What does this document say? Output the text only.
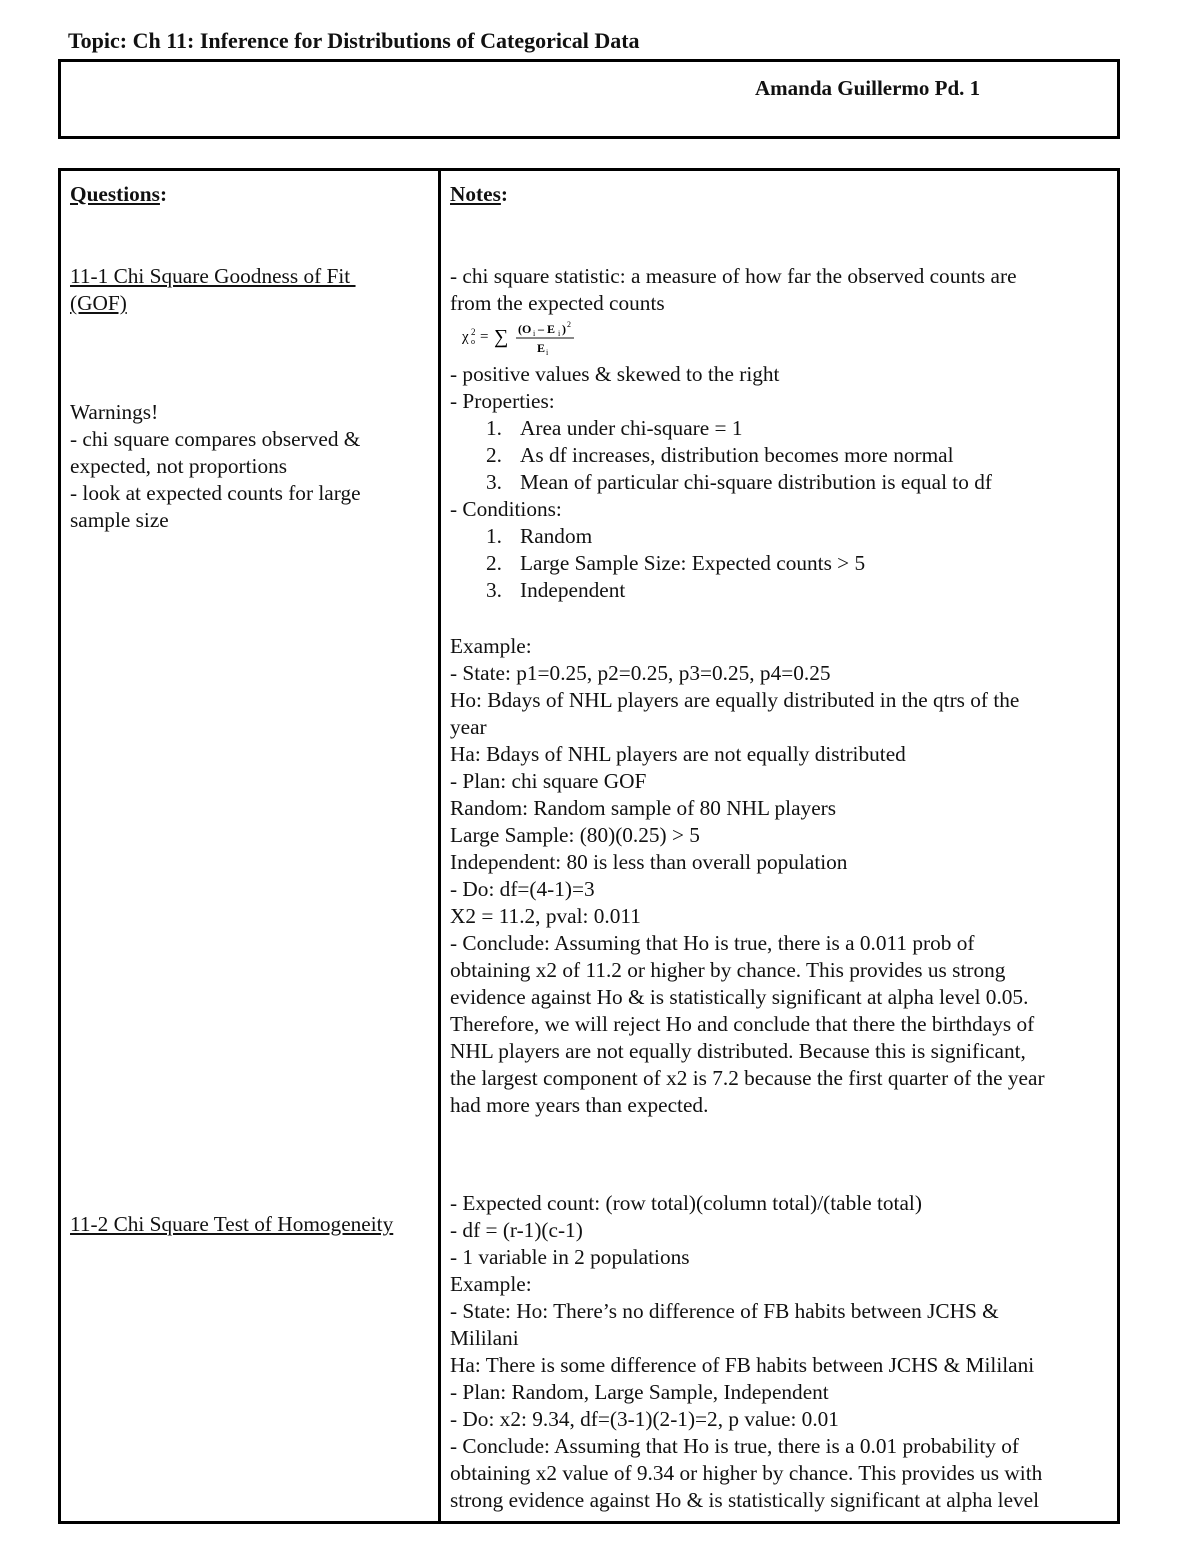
Topic: Ch 11: Inference for Distributions of Categorical Data
Amanda Guillermo Pd. 1
Questions:
11-1 Chi Square Goodness of Fit
(GOF)
Warnings!
- chi square compares observed &
expected, not proportions
- look at expected counts for large
sample size
11-2 Chi Square Test of Homogeneity
Notes:
- chi square statistic: a measure of how far the observed counts are
from the expected counts
χ 2
o = ∑ (O i – E i ) 2
E i
- positive values & skewed to the right
- Properties:
1. Area under chi-square = 1
2. As df increases, distribution becomes more normal
3. Mean of particular chi-square distribution is equal to df
- Conditions:
1. Random
2. Large Sample Size: Expected counts > 5
3. Independent
Example:
- State: p1=0.25, p2=0.25, p3=0.25, p4=0.25
Ho: Bdays of NHL players are equally distributed in the qtrs of the
year
Ha: Bdays of NHL players are not equally distributed
- Plan: chi square GOF
Random: Random sample of 80 NHL players
Large Sample: (80)(0.25) > 5
Independent: 80 is less than overall population
- Do: df=(4-1)=3
X2 = 11.2, pval: 0.011
- Conclude: Assuming that Ho is true, there is a 0.011 prob of
obtaining x2 of 11.2 or higher by chance. This provides us strong
evidence against Ho & is statistically significant at alpha level 0.05.
Therefore, we will reject Ho and conclude that there the birthdays of
NHL players are not equally distributed. Because this is significant,
the largest component of x2 is 7.2 because the first quarter of the year
had more years than expected.
- Expected count: (row total)(column total)/(table total)
- df = (r-1)(c-1)
- 1 variable in 2 populations
Example:
- State: Ho: There’s no difference of FB habits between JCHS &
Mililani
Ha: There is some difference of FB habits between JCHS & Mililani
- Plan: Random, Large Sample, Independent
- Do: x2: 9.34, df=(3-1)(2-1)=2, p value: 0.01
- Conclude: Assuming that Ho is true, there is a 0.01 probability of
obtaining x2 value of 9.34 or higher by chance. This provides us with
strong evidence against Ho & is statistically significant at alpha level
